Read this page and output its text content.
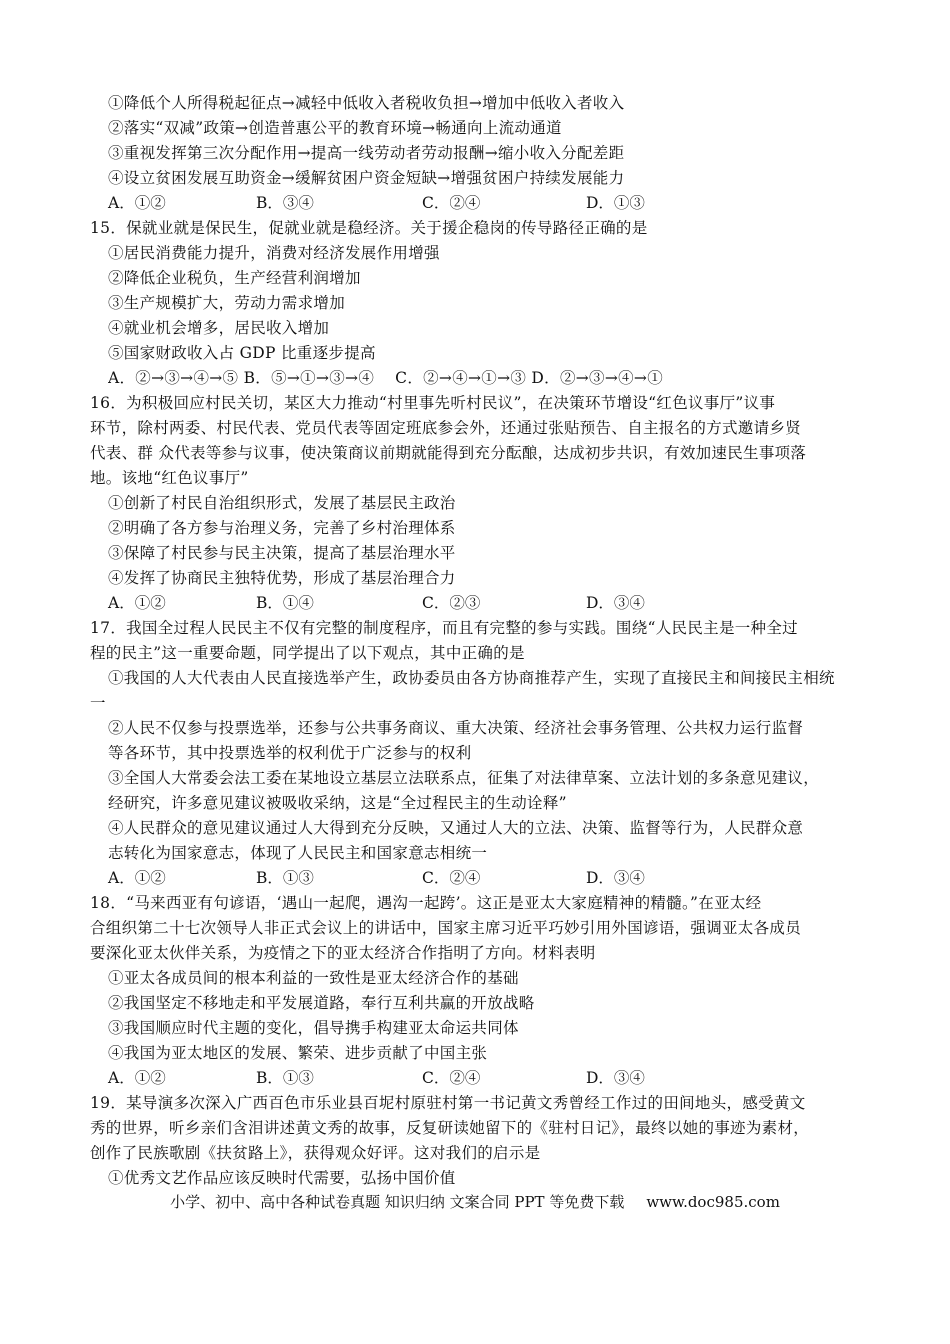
①降低个人所得税起征点→减轻中低收入者税收负担→增加中低收入者收入
②落实“双减”政策→创造普惠公平的教育环境→畅通向上流动通道
③重视发挥第三次分配作用→提高一线劳动者劳动报酬→缩小收入分配差距
④设立贫困发展互助资金→缓解贫困户资金短缺→增强贫困户持续发展能力
A．①②	B．③④	C．②④	D．①③
15．保就业就是保民生，促就业就是稳经济。关于援企稳岗的传导路径正确的是
①居民消费能力提升，消费对经济发展作用增强
②降低企业税负，生产经营利润增加
③生产规模扩大，劳动力需求增加
④就业机会增多，居民收入增加
⑤国家财政收入占 GDP 比重逐步提高
A．②→③→④→⑤ B．⑤→①→③→④　 C．②→④→①→③ D．②→③→④→①
16．为积极回应村民关切，某区大力推动“村里事先听村民议”，在决策环节增设“红色议事厅”议事
环节，除村两委、村民代表、党员代表等固定班底参会外，还通过张贴预告、自主报名的方式邀请乡贤
代表、群 众代表等参与议事，使决策商议前期就能得到充分酝酿，达成初步共识，有效加速民生事项落
地。该地“红色议事厅”
①创新了村民自治组织形式，发展了基层民主政治
②明确了各方参与治理义务，完善了乡村治理体系
③保障了村民参与民主决策，提高了基层治理水平
④发挥了协商民主独特优势，形成了基层治理合力
A．①②	B．①④	C．②③	D．③④
17．我国全过程人民民主不仅有完整的制度程序，而且有完整的参与实践。围绕“人民民主是一种全过
程的民主”这一重要命题，同学提出了以下观点，其中正确的是
①我国的人大代表由人民直接选举产生，政协委员由各方协商推荐产生，实现了直接民主和间接民主相统
一
②人民不仅参与投票选举，还参与公共事务商议、重大决策、经济社会事务管理、公共权力运行监督
等各环节，其中投票选举的权利优于广泛参与的权利
③全国人大常委会法工委在某地设立基层立法联系点，征集了对法律草案、立法计划的多条意见建议，
经研究，许多意见建议被吸收采纳，这是“全过程民主的生动诠释”
④人民群众的意见建议通过人大得到充分反映，又通过人大的立法、决策、监督等行为，人民群众意
志转化为国家意志，体现了人民民主和国家意志相统一
A．①②	B．①③	C．②④	D．③④
18．“马来西亚有句谚语，‘遇山一起爬，遇沟一起跨’。这正是亚太大家庭精神的精髓。”在亚太经
合组织第二十七次领导人非正式会议上的讲话中，国家主席习近平巧妙引用外国谚语，强调亚太各成员
要深化亚太伙伴关系，为疫情之下的亚太经济合作指明了方向。材料表明
①亚太各成员间的根本利益的一致性是亚太经济合作的基础
②我国坚定不移地走和平发展道路，奉行互利共赢的开放战略
③我国顺应时代主题的变化，倡导携手构建亚太命运共同体
④我国为亚太地区的发展、繁荣、进步贡献了中国主张
A．①②	B．①③	C．②④	D．③④
19．某导演多次深入广西百色市乐业县百坭村原驻村第一书记黄文秀曾经工作过的田间地头，感受黄文
秀的世界，听乡亲们含泪讲述黄文秀的故事，反复研读她留下的《驻村日记》，最终以她的事迹为素材，
创作了民族歌剧《扶贫路上》，获得观众好评。这对我们的启示是
①优秀文艺作品应该反映时代需要，弘扬中国价值
小学、初中、高中各种试卷真题 知识归纳 文案合同 PPT 等免费下载 www.doc985.com
